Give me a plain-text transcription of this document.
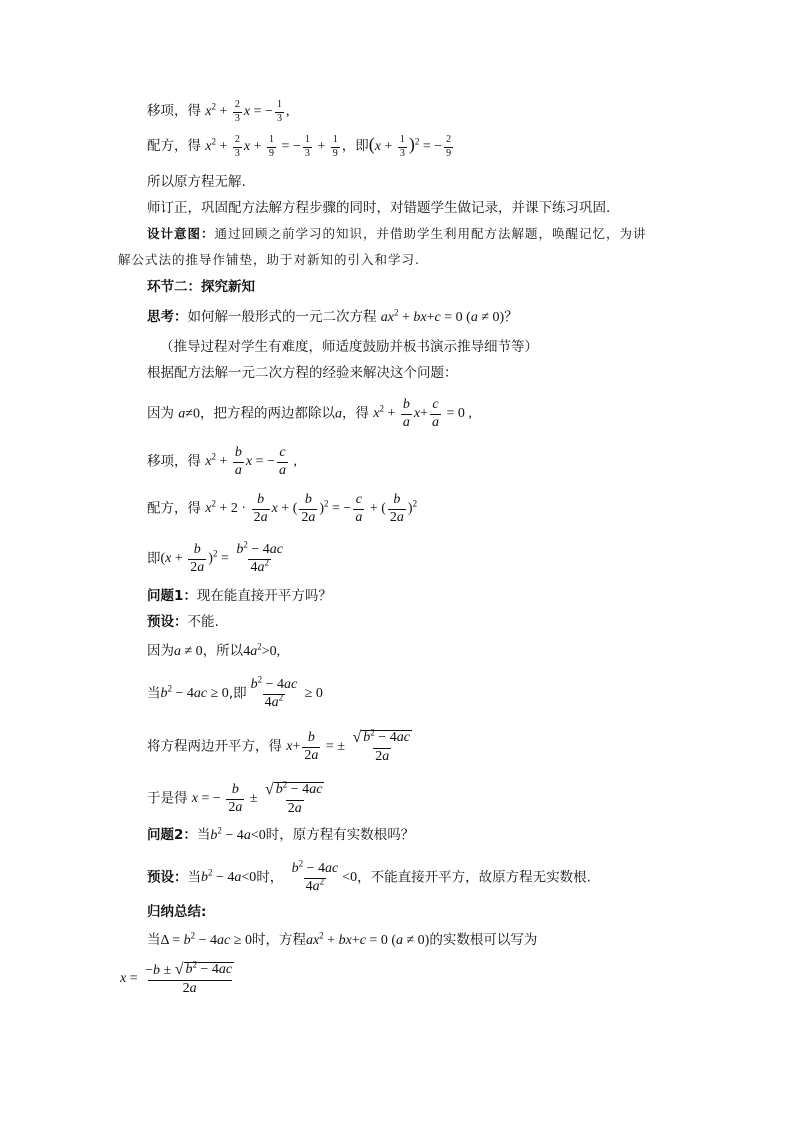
移项，得 $x^2 + \frac{2}{3}$ x = − $\frac{1}{3}$ ,
配方，得 $x^2 + \frac{2}{3}$ $x + \frac{1}{9}$ = − $\frac{1}{3} + \frac{1}{9}$ ，即$(x + \frac{1}{3} )^2$ = − $\frac{2}{9}$
所以原方程无解.
师订正，巩固配方法解方程步骤的同时，对错题学生做记录，并课下练习巩固.
设计意图：通过回顾之前学习的知识，并借助学生利用配方法解题，唤醒记忆，为讲
解公式法的推导作铺垫，助于对新知的引入和学习.
环节二：探究新知
思考：如何解一般形式的一元二次方程 $ax^2 + bx+c = 0$ (a ≠ 0)？
（推导过程对学生有难度，师适度鼓励并板书演示推导细节等）
根据配方法解一元二次方程的经验来解决这个问题：
因为 a≠0，把方程的两边都除以a，得 $x^2 + \frac{b}{a} x+ \frac{c}{a} = 0$ ,
移项，得 $x^2 + \frac{b}{a}$ x = − $\frac{c}{a}$ ,
配方，得 $x^2 + 2 \cdot \frac{b}{2a}$ x + ( $\frac{b}{2a} )^2$ = − $\frac{c}{a}$ + ( $\frac{b}{2a} )^2$
即$(x + \frac{b}{2a} )^2 = \frac{b^2 - 4ac}{4a^2}$
问题1：现在能直接开平方吗？
预设：不能.
因为a ≠ 0，所以$4a^2>0$,
当$b^2 - 4ac \ge 0$,即 $\frac{b^2 - 4ac}{4a^2} \ge 0$
将方程两边开平方，得 $x+ \frac{b}{2a}$ = ± $\frac{√ b^2 - 4ac}{2a}$
于是得 x = − $\frac{b}{2a} \pm \frac{√ b^2 - 4ac}{2a}$
问题2：当$b^2 - 4a<0$时，原方程有实数根吗？
预设：当$b^2 - 4a<0$时， $\frac{b^2 - 4ac}{4a^2} <0$，不能直接开平方，故原方程无实数根.
归纳总结:
当$\Delta = b^2 - 4ac \ge 0$时，方程$ax^2 + bx+c = 0$ (a ≠ 0)的实数根可以写为
$x = \frac{-b \pm √ b^2 - 4ac}{2a}$
